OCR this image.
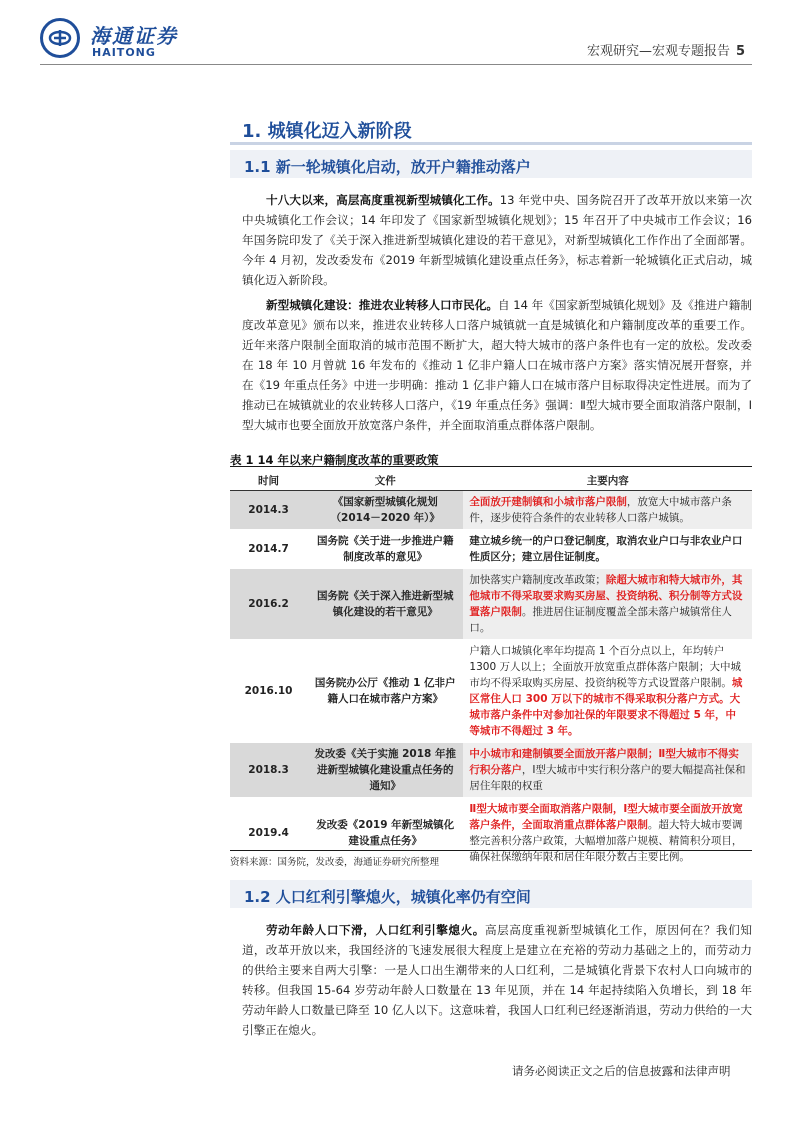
海通证券
HAITONG	宏观研究—宏观专题报告 5
1. 城镇化迈入新阶段
1.1 新一轮城镇化启动，放开户籍推动落户
十八大以来，高层高度重视新型城镇化工作。13 年党中央、国务院召开了改革开放以来第一次中央城镇化工作会议；14 年印发了《国家新型城镇化规划》；15 年召开了中央城市工作会议；16 年国务院印发了《关于深入推进新型城镇化建设的若干意见》，对新型城镇化工作作出了全面部署。今年 4 月初，发改委发布《2019 年新型城镇化建设重点任务》，标志着新一轮城镇化正式启动，城镇化迈入新阶段。
新型城镇化建设：推进农业转移人口市民化。自 14 年《国家新型城镇化规划》及《推进户籍制度改革意见》颁布以来，推进农业转移人口落户城镇就一直是城镇化和户籍制度改革的重要工作。近年来落户限制全面取消的城市范围不断扩大，超大特大城市的落户条件也有一定的放松。发改委在 18 年 10 月曾就 16 年发布的《推动 1 亿非户籍人口在城市落户方案》落实情况展开督察，并在《19 年重点任务》中进一步明确：推动 1 亿非户籍人口在城市落户目标取得决定性进展。而为了推动已在城镇就业的农业转移人口落户，《19 年重点任务》强调：Ⅱ型大城市要全面取消落户限制，Ⅰ型大城市也要全面放开放宽落户条件，并全面取消重点群体落户限制。
表 1 14 年以来户籍制度改革的重要政策
时间	文件	主要内容
2014.3	《国家新型城镇化规划（2014－2020 年）》	全面放开建制镇和小城市落户限制，放宽大中城市落户条件，逐步使符合条件的农业转移人口落户城镇。
2014.7	国务院《关于进一步推进户籍制度改革的意见》	建立城乡统一的户口登记制度，取消农业户口与非农业户口性质区分；建立居住证制度。
2016.2	国务院《关于深入推进新型城镇化建设的若干意见》	加快落实户籍制度改革政策；除超大城市和特大城市外，其他城市不得采取要求购买房屋、投资纳税、积分制等方式设置落户限制。推进居住证制度覆盖全部未落户城镇常住人口。
2016.10	国务院办公厅《推动 1 亿非户籍人口在城市落户方案》	户籍人口城镇化率年均提高 1 个百分点以上，年均转户 1300 万人以上；全面放开放宽重点群体落户限制；大中城市均不得采取购买房屋、投资纳税等方式设置落户限制。城区常住人口 300 万以下的城市不得采取积分落户方式。大城市落户条件中对参加社保的年限要求不得超过 5 年，中等城市不得超过 3 年。
2018.3	发改委《关于实施 2018 年推进新型城镇化建设重点任务的通知》	中小城市和建制镇要全面放开落户限制；Ⅱ型大城市不得实行积分落户，Ⅰ型大城市中实行积分落户的要大幅提高社保和居住年限的权重
2019.4	发改委《2019 年新型城镇化建设重点任务》	Ⅱ型大城市要全面取消落户限制，Ⅰ型大城市要全面放开放宽落户条件，全面取消重点群体落户限制。超大特大城市要调整完善积分落户政策，大幅增加落户规模、精简积分项目，确保社保缴纳年限和居住年限分数占主要比例。
资料来源：国务院，发改委，海通证券研究所整理
1.2 人口红利引擎熄火，城镇化率仍有空间
劳动年龄人口下滑，人口红利引擎熄火。高层高度重视新型城镇化工作，原因何在？我们知道，改革开放以来，我国经济的飞速发展很大程度上是建立在充裕的劳动力基础之上的，而劳动力的供给主要来自两大引擎：一是人口出生潮带来的人口红利，二是城镇化背景下农村人口向城市的转移。但我国 15-64 岁劳动年龄人口数量在 13 年见顶，并在 14 年起持续陷入负增长，到 18 年劳动年龄人口数量已降至 10 亿人以下。这意味着，我国人口红利已经逐渐消退，劳动力供给的一大引擎正在熄火。
请务必阅读正文之后的信息披露和法律声明
